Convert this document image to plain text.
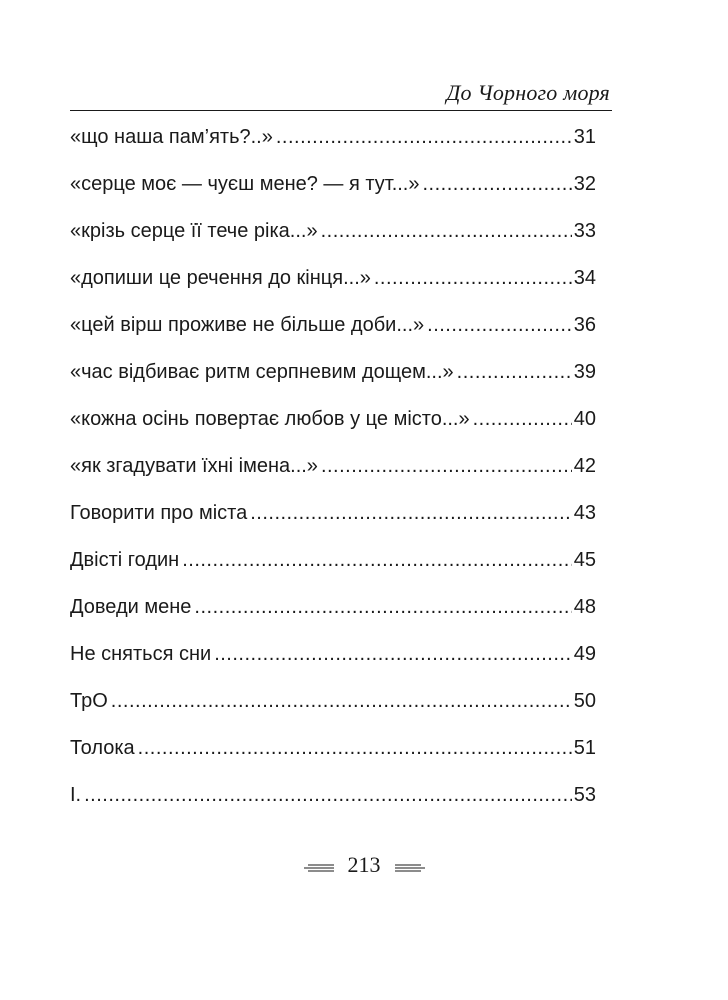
До Чорного моря
«що наша пам’ять?..» .....	31
«серце моє — чуєш мене? — я тут...» .....	32
«крізь серце її тече ріка...» .....	33
«допиши це речення до кінця...» .....	34
«цей вірш проживе не більше доби...» .....	36
«час відбиває ритм серпневим дощем...» .....	39
«кожна осінь повертає любов у це місто...» .....	40
«як згадувати їхні імена...» .....	42
Говорити про міста .....	43
Двісті годин .....	45
Доведи мене .....	48
Не сняться сни .....	49
ТрО .....	50
Толока .....	51
І. .....	53
213
